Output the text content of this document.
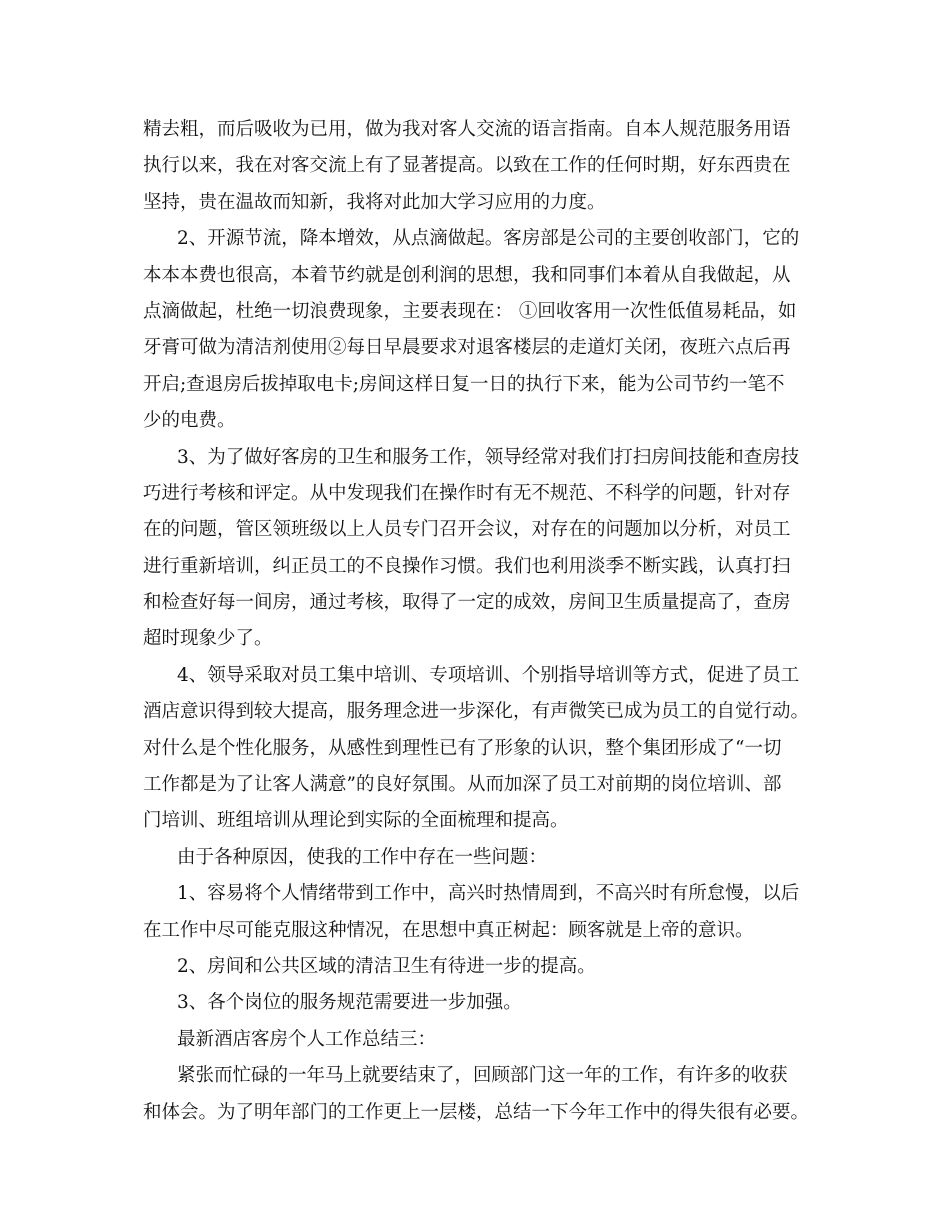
精去粗，而后吸收为已用，做为我对客人交流的语言指南。自本人规范服务用语
执行以来，我在对客交流上有了显著提高。以致在工作的任何时期，好东西贵在
坚持，贵在温故而知新，我将对此加大学习应用的力度。
2、开源节流，降本增效，从点滴做起。客房部是公司的主要创收部门，它的
本本本费也很高，本着节约就是创利润的思想，我和同事们本着从自我做起，从
点滴做起，杜绝一切浪费现象，主要表现在： ①回收客用一次性低值易耗品，如
牙膏可做为清洁剂使用②每日早晨要求对退客楼层的走道灯关闭，夜班六点后再
开启;查退房后拔掉取电卡;房间这样日复一日的执行下来，能为公司节约一笔不
少的电费。
3、为了做好客房的卫生和服务工作，领导经常对我们打扫房间技能和查房技
巧进行考核和评定。从中发现我们在操作时有无不规范、不科学的问题，针对存
在的问题，管区领班级以上人员专门召开会议，对存在的问题加以分析，对员工
进行重新培训，纠正员工的不良操作习惯。我们也利用淡季不断实践，认真打扫
和检查好每一间房，通过考核，取得了一定的成效，房间卫生质量提高了，查房
超时现象少了。
4、领导采取对员工集中培训、专项培训、个别指导培训等方式，促进了员工
酒店意识得到较大提高，服务理念进一步深化，有声微笑已成为员工的自觉行动。
对什么是个性化服务，从感性到理性已有了形象的认识，整个集团形成了“一切
工作都是为了让客人满意”的良好氛围。从而加深了员工对前期的岗位培训、部
门培训、班组培训从理论到实际的全面梳理和提高。
由于各种原因，使我的工作中存在一些问题：
1、容易将个人情绪带到工作中，高兴时热情周到，不高兴时有所怠慢，以后
在工作中尽可能克服这种情况，在思想中真正树起：顾客就是上帝的意识。
2、房间和公共区域的清洁卫生有待进一步的提高。
3、各个岗位的服务规范需要进一步加强。
最新酒店客房个人工作总结三：
紧张而忙碌的一年马上就要结束了，回顾部门这一年的工作，有许多的收获
和体会。为了明年部门的工作更上一层楼，总结一下今年工作中的得失很有必要。
